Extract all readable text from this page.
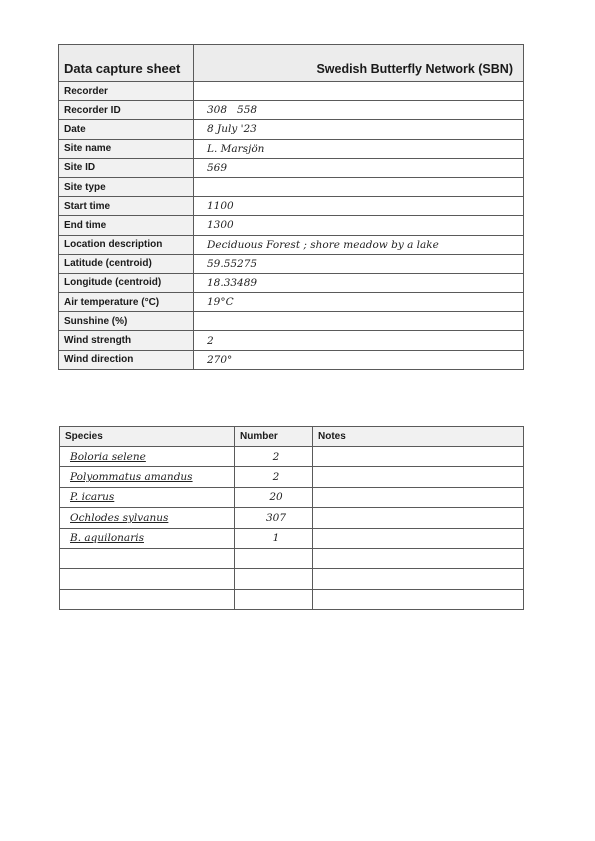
Data capture sheet	Swedish Butterfly Network (SBN)
Recorder	
Recorder ID	308   558
Date	8 July '23
Site name	L. Marsjön
Site ID	569
Site type	
Start time	1100
End time	1300
Location description	Deciduous Forest ; shore meadow by a lake
Latitude (centroid)	59.55275
Longitude (centroid)	18.33489
Air temperature (°C)	19°C
Sunshine (%)	
Wind strength	2
Wind direction	270°
Species	Number	Notes
Boloria selene	2	
Polyommatus amandus	2	
P. icarus	20	
Ochlodes sylvanus	307	
B. aquilonaris	1	
